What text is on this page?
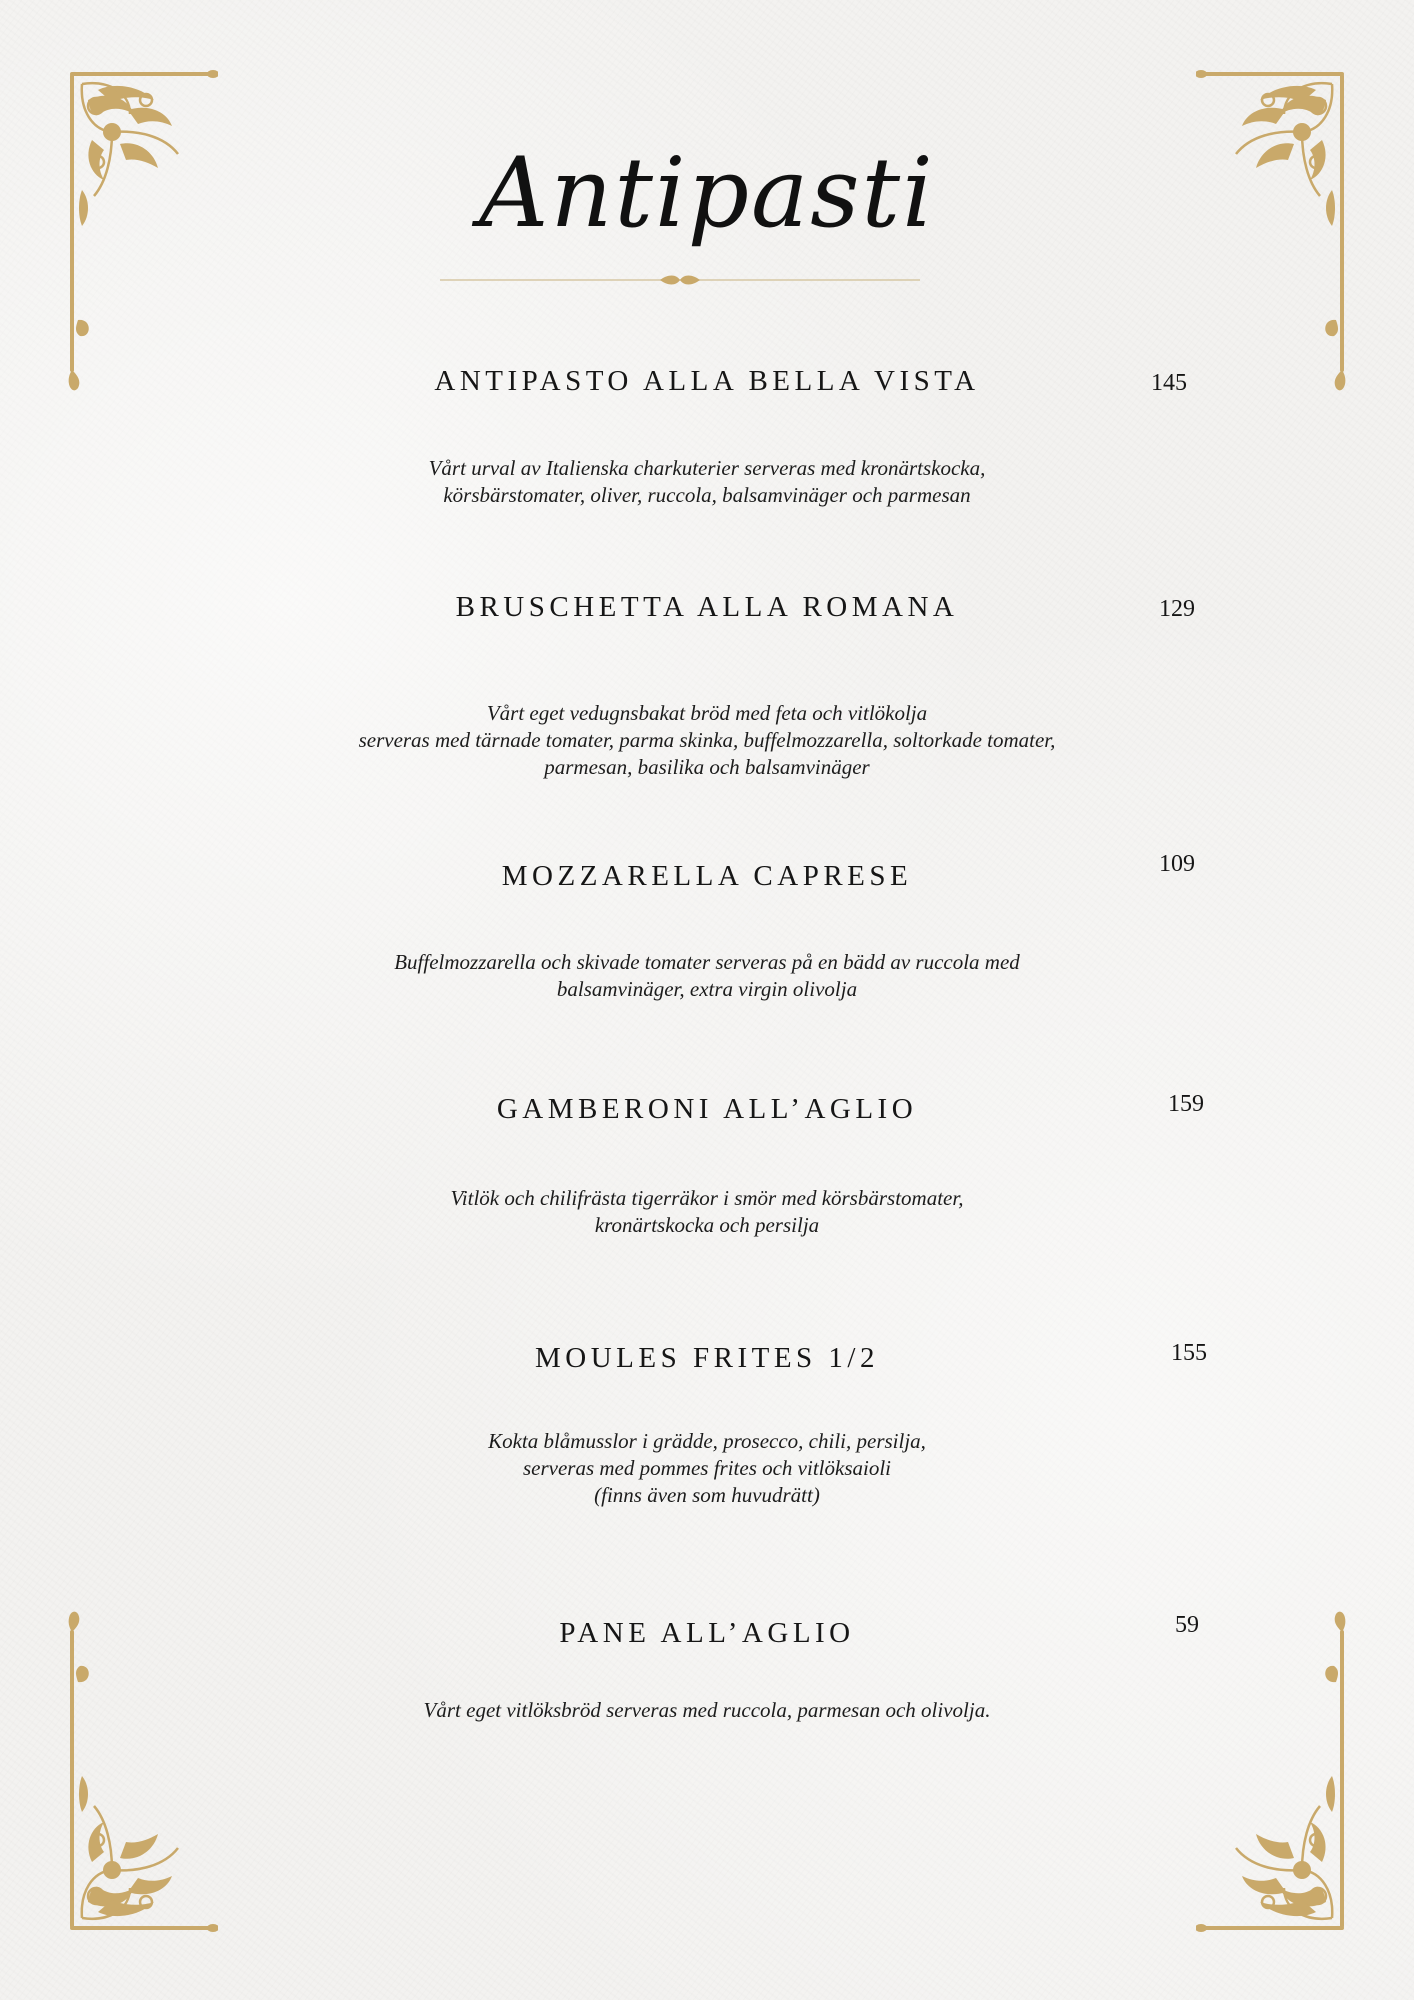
Antipasti
ANTIPASTO ALLA BELLA VISTA	145
Vårt urval av Italienska charkuterier serveras med kronärtskocka,
körsbärstomater, oliver, ruccola, balsamvinäger och parmesan
BRUSCHETTA ALLA ROMANA	129
Vårt eget vedugnsbakat bröd med feta och vitlökolja
serveras med tärnade tomater, parma skinka, buffelmozzarella, soltorkade tomater,
parmesan, basilika och balsamvinäger
MOZZARELLA CAPRESE	109
Buffelmozzarella och skivade tomater serveras på en bädd av ruccola med
balsamvinäger, extra virgin olivolja
GAMBERONI ALL’AGLIO	159
Vitlök och chilifrästa tigerräkor i smör med körsbärstomater,
kronärtskocka och persilja
MOULES FRITES 1/2	155
Kokta blåmusslor i grädde, prosecco, chili, persilja,
serveras med pommes frites och vitlöksaioli
(finns även som huvudrätt)
PANE ALL’AGLIO	59
Vårt eget vitlöksbröd serveras med ruccola, parmesan och olivolja.
